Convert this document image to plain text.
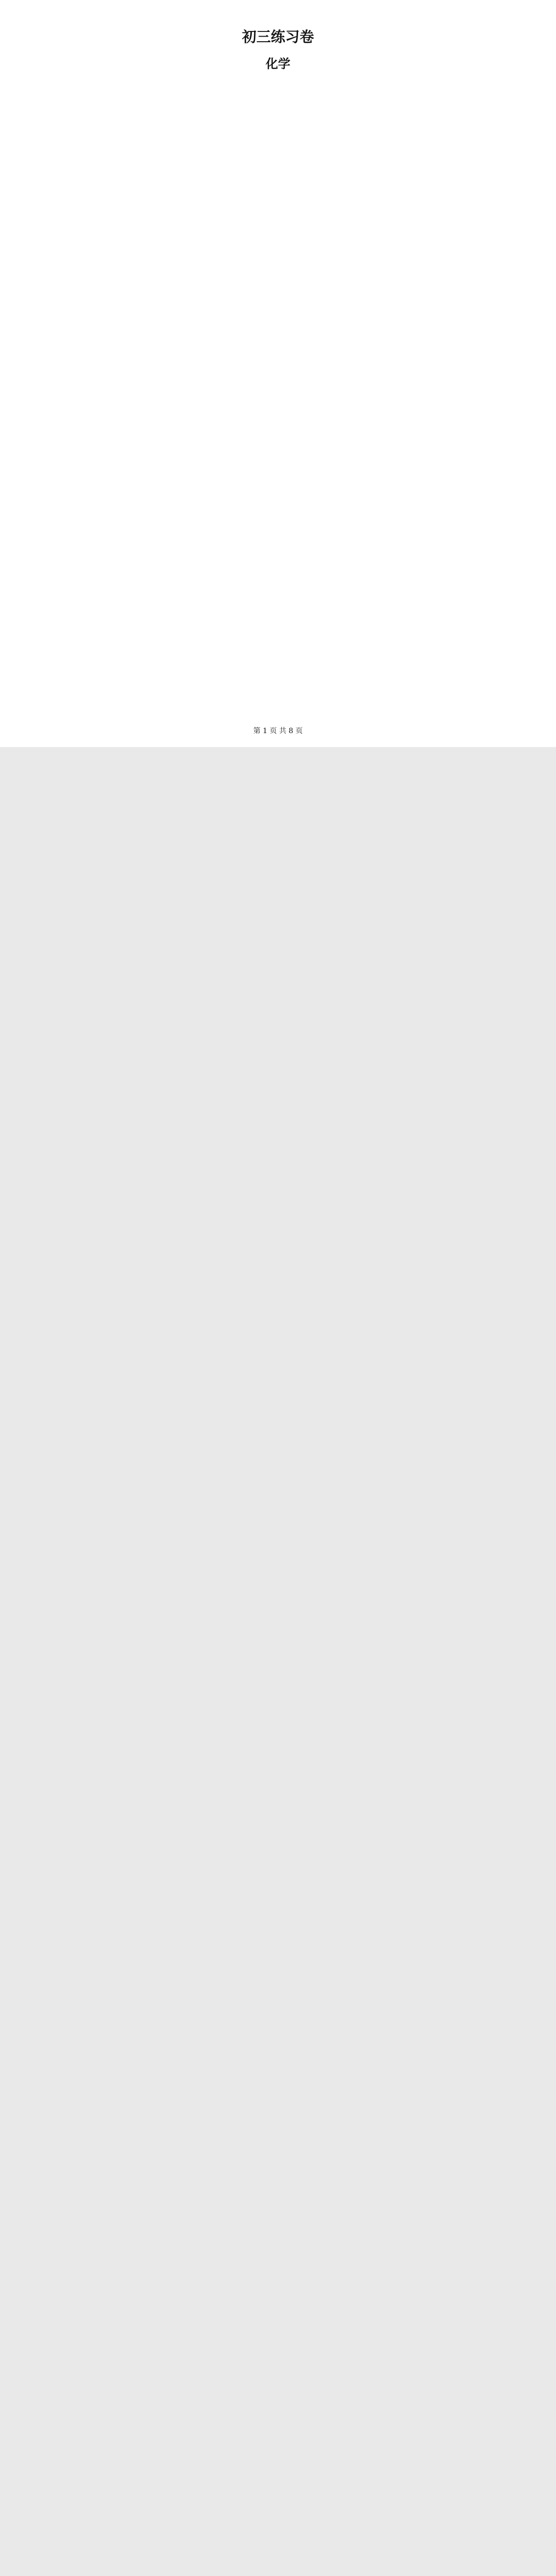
初三练习卷
化学
第 1 页 共 8 页
